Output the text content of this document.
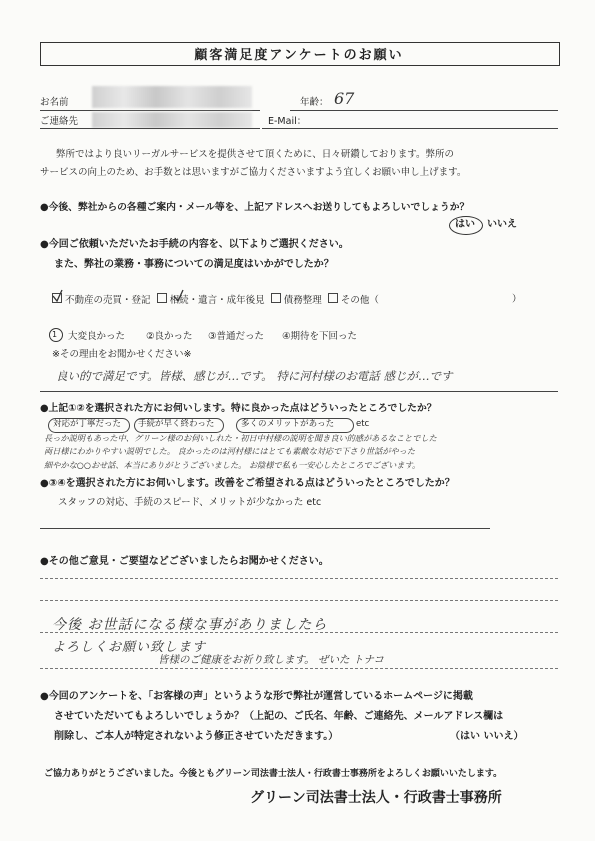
顧客満足度アンケートのお願い
お名前	年齢： 67
ご連絡先	E-Mail：
弊所ではより良いリーガルサービスを提供させて頂くために、日々研鑽しております。弊所の
サービスの向上のため、お手数とは思いますがご協力くださいますよう宜しくお願い申し上げます。
●今後、弊社からの各種ご案内・メール等を、上記アドレスへお送りしてもよろしいでしょうか？
はい いいえ
●今回ご依頼いただいたお手続の内容を、以下よりご選択ください。
また、弊社の業務・事務についての満足度はいかがでしたか？
不動産の売買・登記 相続・遺言・成年後見 債務整理 その他（	）
1 大変良かった ②良かった ③普通だった ④期待を下回った
※その理由をお聞かせください※
良い的で満足です。皆様、感じが…です。 特に河村様のお電話 感じが…です
●上記①②を選択された方にお伺いします。特に良かった点はどういったところでしたか？
対応が丁寧だった 手続が早く終わった	多くのメリットがあった	etc
長っか説明もあった中、グリーン様のお伺いしれた・初日中村様の説明を聞き良い的感があるなことでした
両日様にわかりやすい説明でした。 良かったのは河村様にはとても素敵な対応で下さり世話がやった
細やかな○○おせ話、本当にありがとうございました。 お陰様で私も一安心したところでございます。
●③④を選択された方にお伺いします。改善をご希望される点はどういったところでしたか？
スタッフの対応、手続のスピード、メリットが少なかった etc
●その他ご意見・ご要望などございましたらお聞かせください。
今後 お世話になる様な事がありましたら
よろしくお願い致します
皆様のご健康をお祈り致します。 ぜいた トナコ
●今回のアンケートを、「お客様の声」というような形で弊社が運営しているホームページに掲載
させていただいてもよろしいでしょうか？（上記の、ご氏名、年齢、ご連絡先、メールアドレス欄は
削除し、ご本人が特定されないよう修正させていただきます。）	（はい いいえ）
ご協力ありがとうございました。今後ともグリーン司法書士法人・行政書士事務所をよろしくお願いいたします。
グリーン司法書士法人・行政書士事務所
